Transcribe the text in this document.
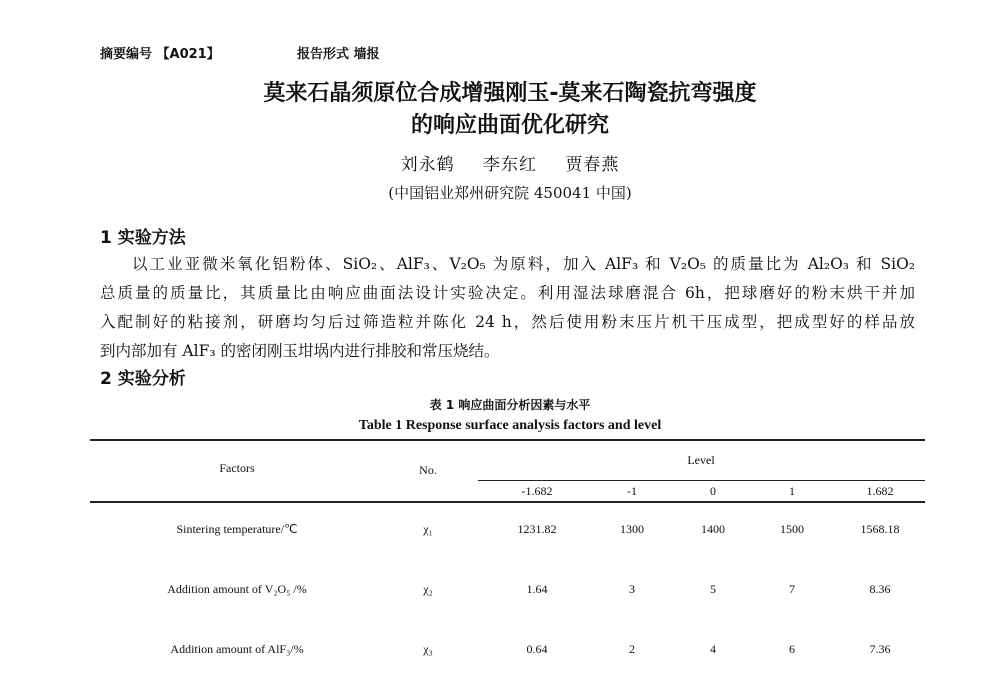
摘要编号 【A021】	报告形式 墙报
莫来石晶须原位合成增强刚玉-莫来石陶瓷抗弯强度
的响应曲面优化研究
刘永鹤 李东红 贾春燕
(中国铝业郑州研究院 450041 中国)
1 实验方法
以工业亚微米氧化铝粉体、SiO₂、AlF₃、V₂O₅ 为原料，加入 AlF₃ 和 V₂O₅ 的质量比为 Al₂O₃ 和 SiO₂
总质量的质量比，其质量比由响应曲面法设计实验决定。利用湿法球磨混合 6h，把球磨好的粉末烘干并加
入配制好的粘接剂，研磨均匀后过筛造粒并陈化 24 h，然后使用粉末压片机干压成型，把成型好的样品放
到内部加有 AlF₃ 的密闭刚玉坩埚内进行排胶和常压烧结。
2 实验分析
表 1 响应曲面分析因素与水平
Table 1 Response surface analysis factors and level
Factors	No.
Level
-1.682	-1	0	1	1.682
Sintering temperature/℃	χ₁	1231.82	1300	1400	1500	1568.18
Addition amount of V₂O₅ /%	χ₂	1.64	3	5	7	8.36
Addition amount of AlF₃/%	χ₃	0.64	2	4	6	7.36
